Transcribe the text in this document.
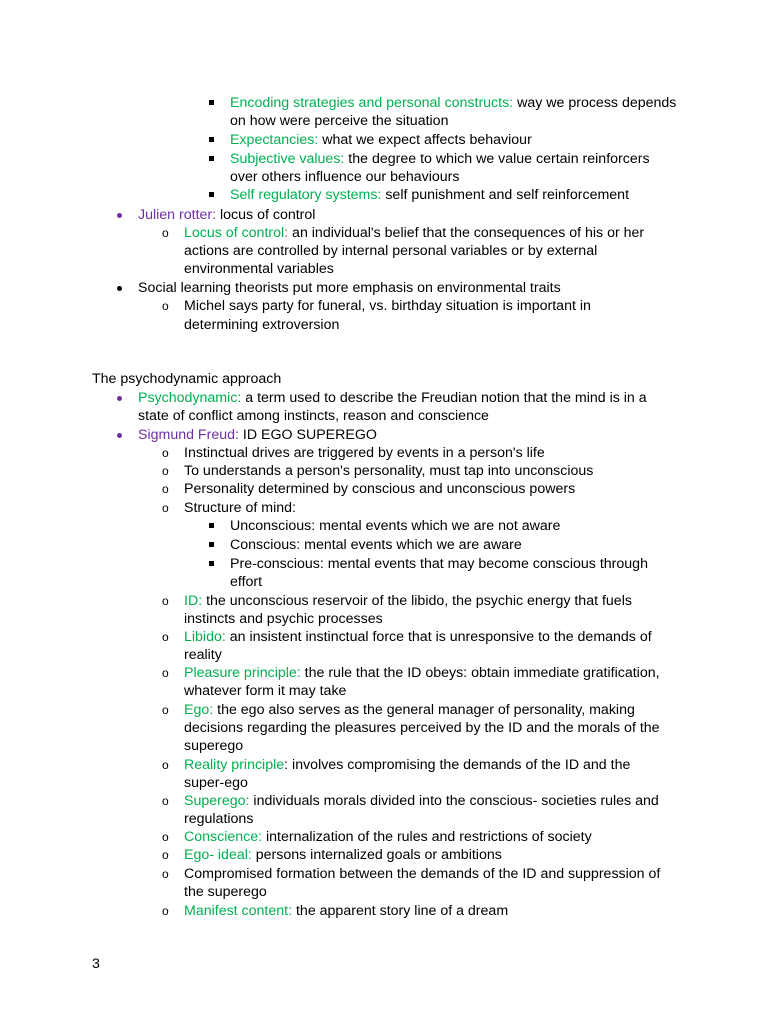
3
Encoding strategies and personal constructs: way we process depends
on how were perceive the situation
Expectancies: what we expect affects behaviour
Subjective values: the degree to which we value certain reinforcers
over others influence our behaviours
Self regulatory systems: self punishment and self reinforcement
Julien rotter: locus of control
o Locus of control: an individual's belief that the consequences of his or her
actions are controlled by internal personal variables or by external
environmental variables
Social learning theorists put more emphasis on environmental traits
o Michel says party for funeral, vs. birthday situation is important in
determining extroversion
The psychodynamic approach
Psychodynamic: a term used to describe the Freudian notion that the mind is in a
state of conflict among instincts, reason and conscience
Sigmund Freud: ID EGO SUPEREGO
o Instinctual drives are triggered by events in a person's life
o To understands a person's personality, must tap into unconscious
o Personality determined by conscious and unconscious powers
o Structure of mind:
Unconscious: mental events which we are not aware
Conscious: mental events which we are aware
Pre-conscious: mental events that may become conscious through
effort
o ID: the unconscious reservoir of the libido, the psychic energy that fuels
instincts and psychic processes
o Libido: an insistent instinctual force that is unresponsive to the demands of
reality
o Pleasure principle: the rule that the ID obeys: obtain immediate gratification,
whatever form it may take
o Ego: the ego also serves as the general manager of personality, making
decisions regarding the pleasures perceived by the ID and the morals of the
superego
o Reality principle: involves compromising the demands of the ID and the
super-ego
o Superego: individuals morals divided into the conscious- societies rules and
regulations
o Conscience: internalization of the rules and restrictions of society
o Ego- ideal: persons internalized goals or ambitions
o Compromised formation between the demands of the ID and suppression of
the superego
o Manifest content: the apparent story line of a dream
